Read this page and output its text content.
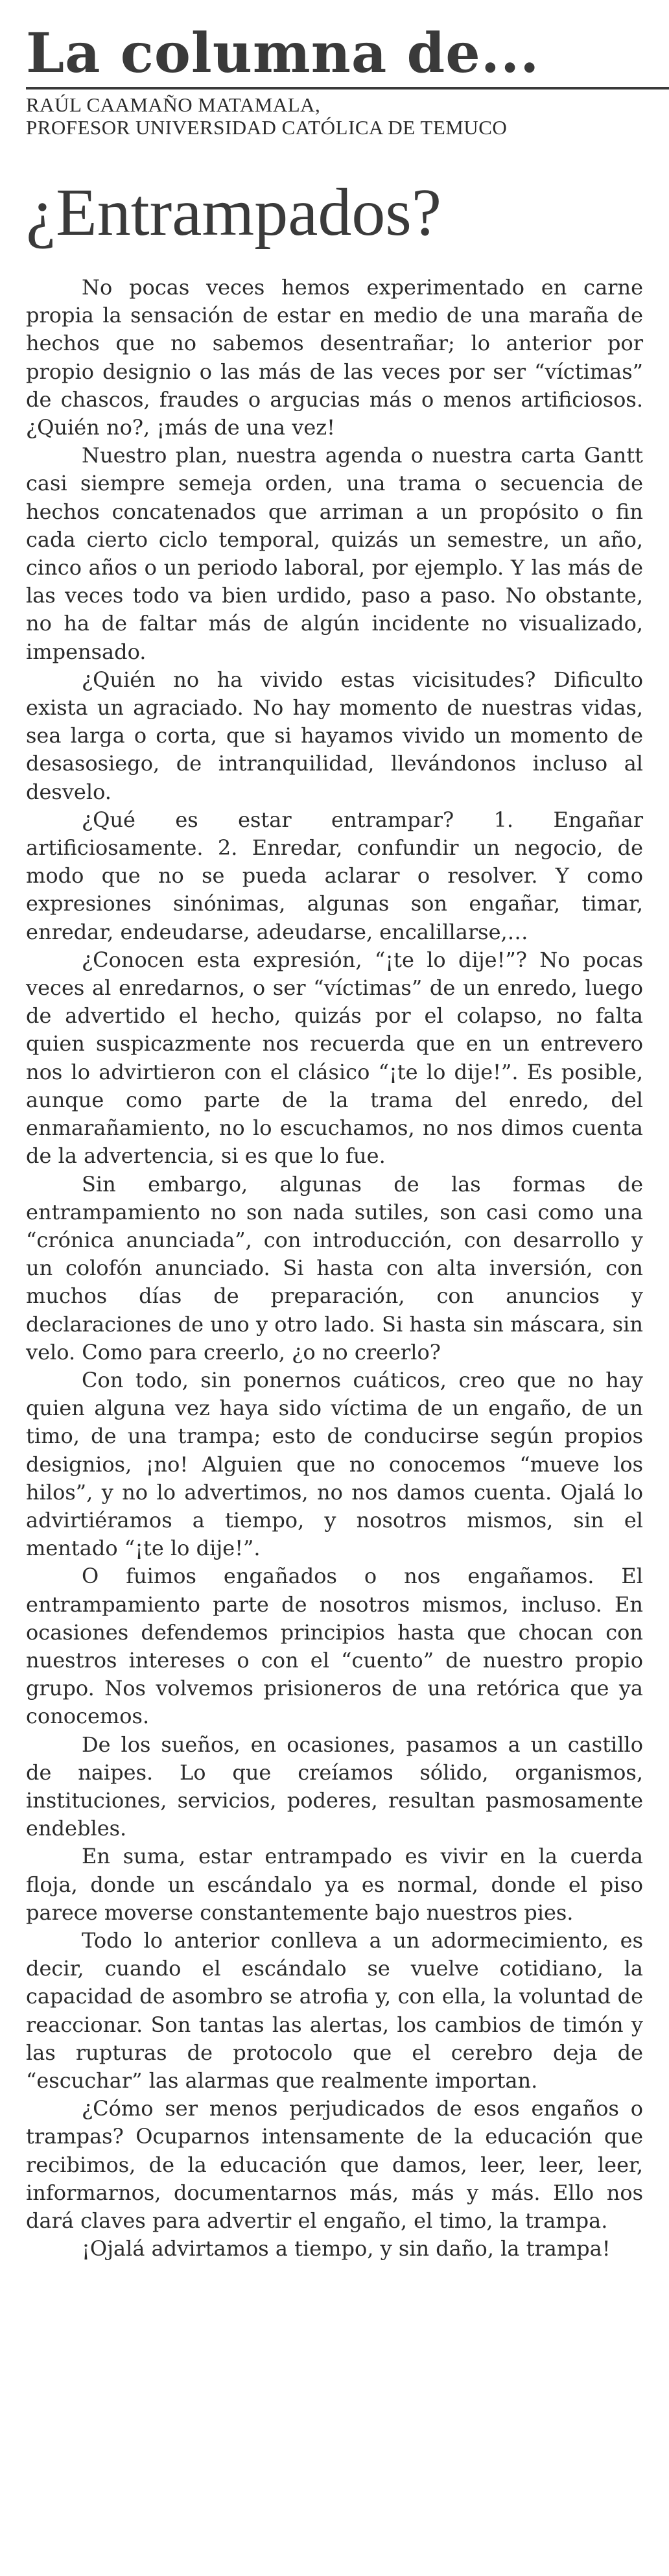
La columna de...
RAÚL CAAMAÑO MATAMALA,
PROFESOR UNIVERSIDAD CATÓLICA DE TEMUCO
¿Entrampados?

No pocas veces hemos experimentado en carne propia la sensación de estar en medio de una maraña de hechos que no sabemos desentrañar; lo anterior por propio designio o las más de las veces por ser “víctimas” de chascos, fraudes o argucias más o menos artificiosos. ¿Quién no?, ¡más de una vez!

Nuestro plan, nuestra agenda o nuestra carta Gantt casi siempre semeja orden, una trama o secuencia de hechos concatenados que arriman a un propósito o fin cada cierto ciclo temporal, quizás un semestre, un año, cinco años o un periodo laboral, por ejemplo. Y las más de las veces todo va bien urdido, paso a paso. No obstante, no ha de faltar más de algún incidente no visualizado, impensado.

¿Quién no ha vivido estas vicisitudes? Dificulto exista un agraciado. No hay momento de nuestras vidas, sea larga o corta, que si hayamos vivido un momento de desasosiego, de intranquilidad, llevándonos incluso al desvelo.

¿Qué es estar entrampar? 1. Engañar artificiosamente. 2. Enredar, confundir un negocio, de modo que no se pueda aclarar o resolver. Y como expresiones sinónimas, algunas son engañar, timar, enredar, endeudarse, adeudarse, encalillarse,…

¿Conocen esta expresión, “¡te lo dije!”? No pocas veces al enredarnos, o ser “víctimas” de un enredo, luego de advertido el hecho, quizás por el colapso, no falta quien suspicazmente nos recuerda que en un entrevero nos lo advirtieron con el clásico “¡te lo dije!”. Es posible, aunque como parte de la trama del enredo, del enmarañamiento, no lo escuchamos, no nos dimos cuenta de la advertencia, si es que lo fue.

Sin embargo, algunas de las formas de entrampamiento no son nada sutiles, son casi como una “crónica anunciada”, con introducción, con desarrollo y un colofón anunciado. Si hasta con alta inversión, con muchos días de preparación, con anuncios y declaraciones de uno y otro lado. Si hasta sin máscara, sin velo. Como para creerlo, ¿o no creerlo?

Con todo, sin ponernos cuáticos, creo que no hay quien alguna vez haya sido víctima de un engaño, de un timo, de una trampa; esto de conducirse según propios designios, ¡no! Alguien que no conocemos “mueve los hilos”, y no lo advertimos, no nos damos cuenta. Ojalá lo advirtiéramos a tiempo, y nosotros mismos, sin el mentado “¡te lo dije!”.

O fuimos engañados o nos engañamos. El entrampamiento parte de nosotros mismos, incluso. En ocasiones defendemos principios hasta que chocan con nuestros intereses o con el “cuento” de nuestro propio grupo. Nos volvemos prisioneros de una retórica que ya conocemos.

De los sueños, en ocasiones, pasamos a un castillo de naipes. Lo que creíamos sólido, organismos, instituciones, servicios, poderes, resultan pasmosamente endebles.

En suma, estar entrampado es vivir en la cuerda floja, donde un escándalo ya es normal, donde el piso parece moverse constantemente bajo nuestros pies.

Todo lo anterior conlleva a un adormecimiento, es decir, cuando el escándalo se vuelve cotidiano, la capacidad de asombro se atrofia y, con ella, la voluntad de reaccionar. Son tantas las alertas, los cambios de timón y las rupturas de protocolo que el cerebro deja de “escuchar” las alarmas que realmente importan.

¿Cómo ser menos perjudicados de esos engaños o trampas? Ocuparnos intensamente de la educación que recibimos, de la educación que damos, leer, leer, leer, informarnos, documentarnos más, más y más. Ello nos dará claves para advertir el engaño, el timo, la trampa.

¡Ojalá advirtamos a tiempo, y sin daño, la trampa!
